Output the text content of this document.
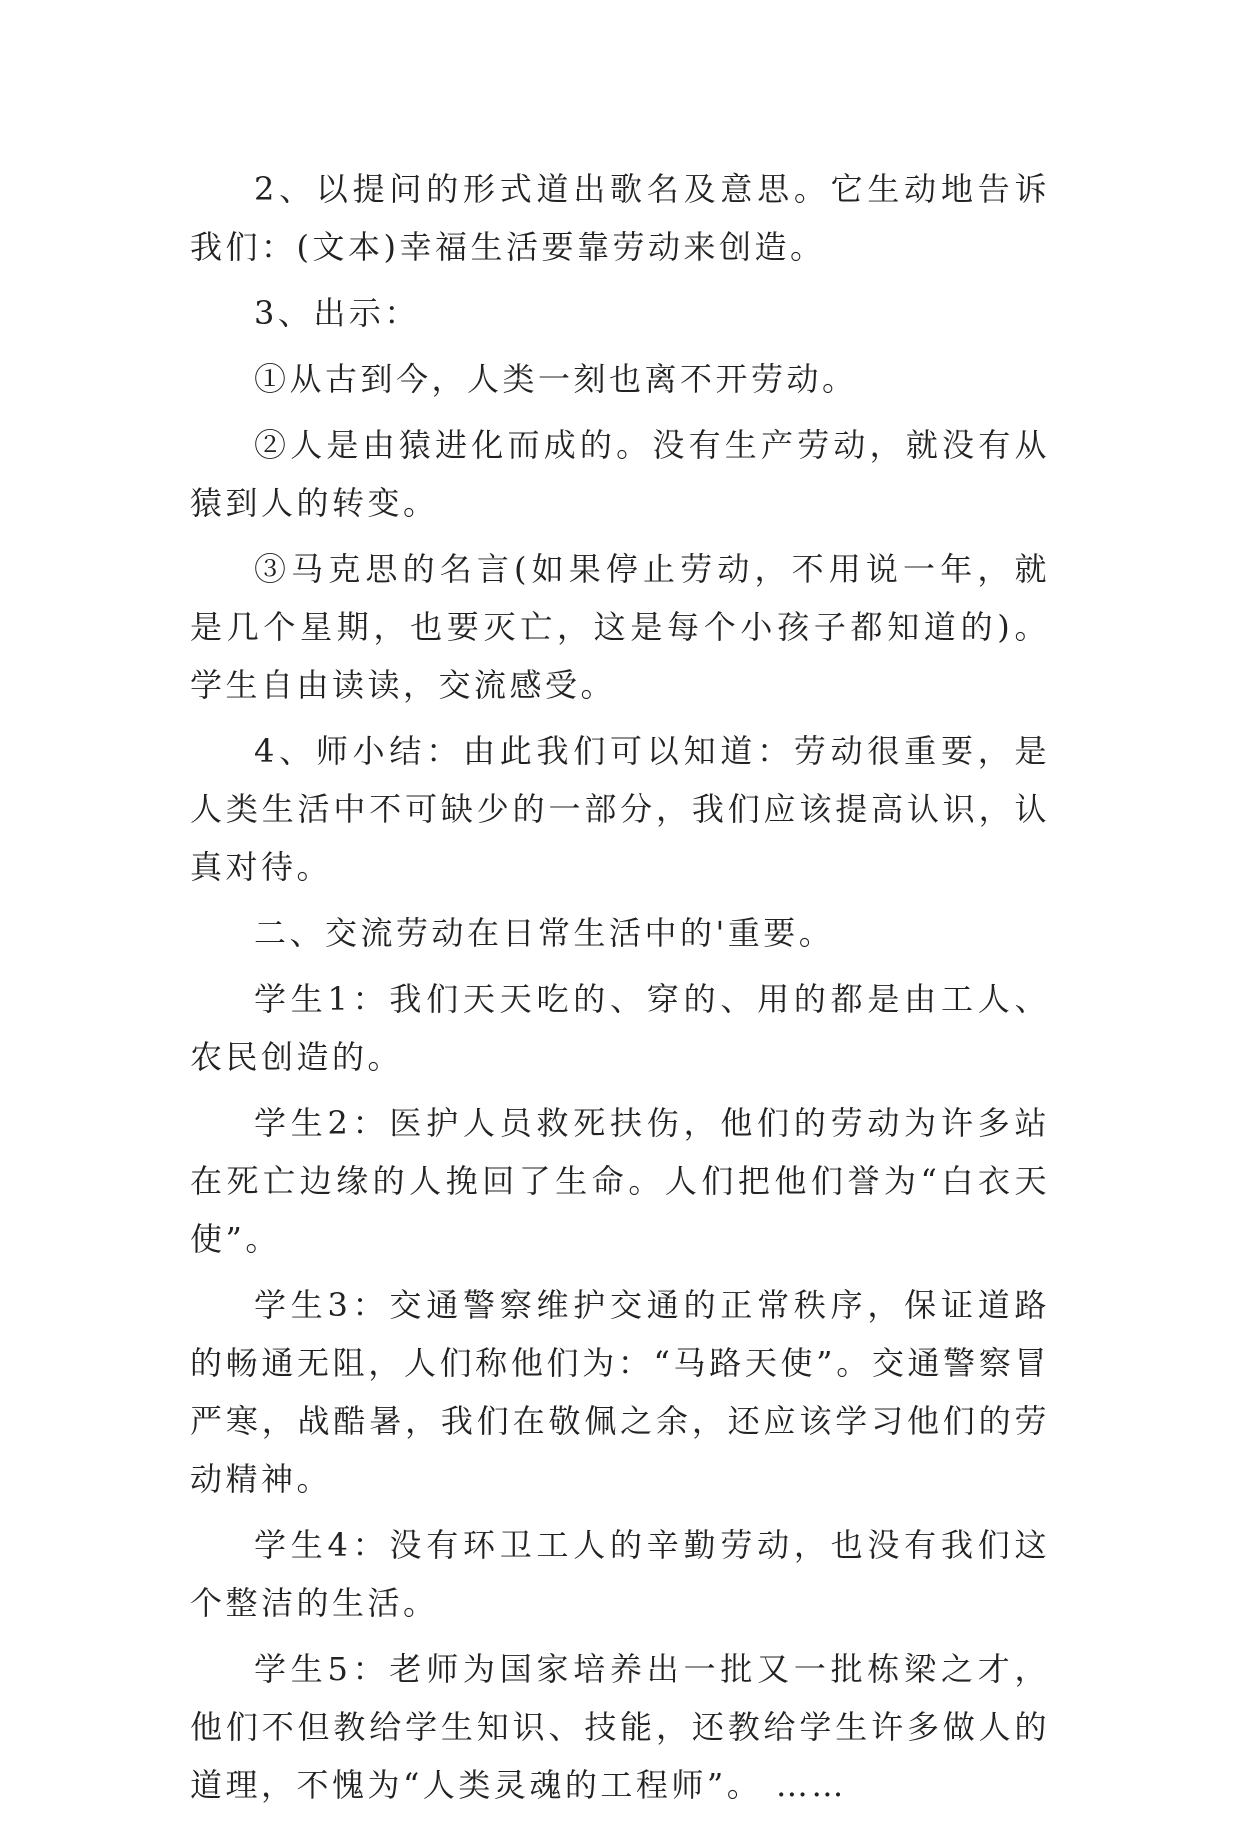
2、以提问的形式道出歌名及意思。它生动地告诉我们：(文本)幸福生活要靠劳动来创造。

3、出示：

①从古到今，人类一刻也离不开劳动。

②人是由猿进化而成的。没有生产劳动，就没有从猿到人的转变。

③马克思的名言(如果停止劳动，不用说一年，就是几个星期，也要灭亡，这是每个小孩子都知道的)。学生自由读读，交流感受。

4、师小结：由此我们可以知道：劳动很重要，是人类生活中不可缺少的一部分，我们应该提高认识，认真对待。

二、交流劳动在日常生活中的'重要。

学生1：我们天天吃的、穿的、用的都是由工人、农民创造的。

学生2：医护人员救死扶伤，他们的劳动为许多站在死亡边缘的人挽回了生命。人们把他们誉为“白衣天使”。

学生3：交通警察维护交通的正常秩序，保证道路的畅通无阻，人们称他们为：“马路天使”。交通警察冒严寒，战酷暑，我们在敬佩之余，还应该学习他们的劳动精神。

学生4：没有环卫工人的辛勤劳动，也没有我们这个整洁的生活。

学生5：老师为国家培养出一批又一批栋梁之才，他们不但教给学生知识、技能，还教给学生许多做人的道理，不愧为“人类灵魂的工程师”。 ……
